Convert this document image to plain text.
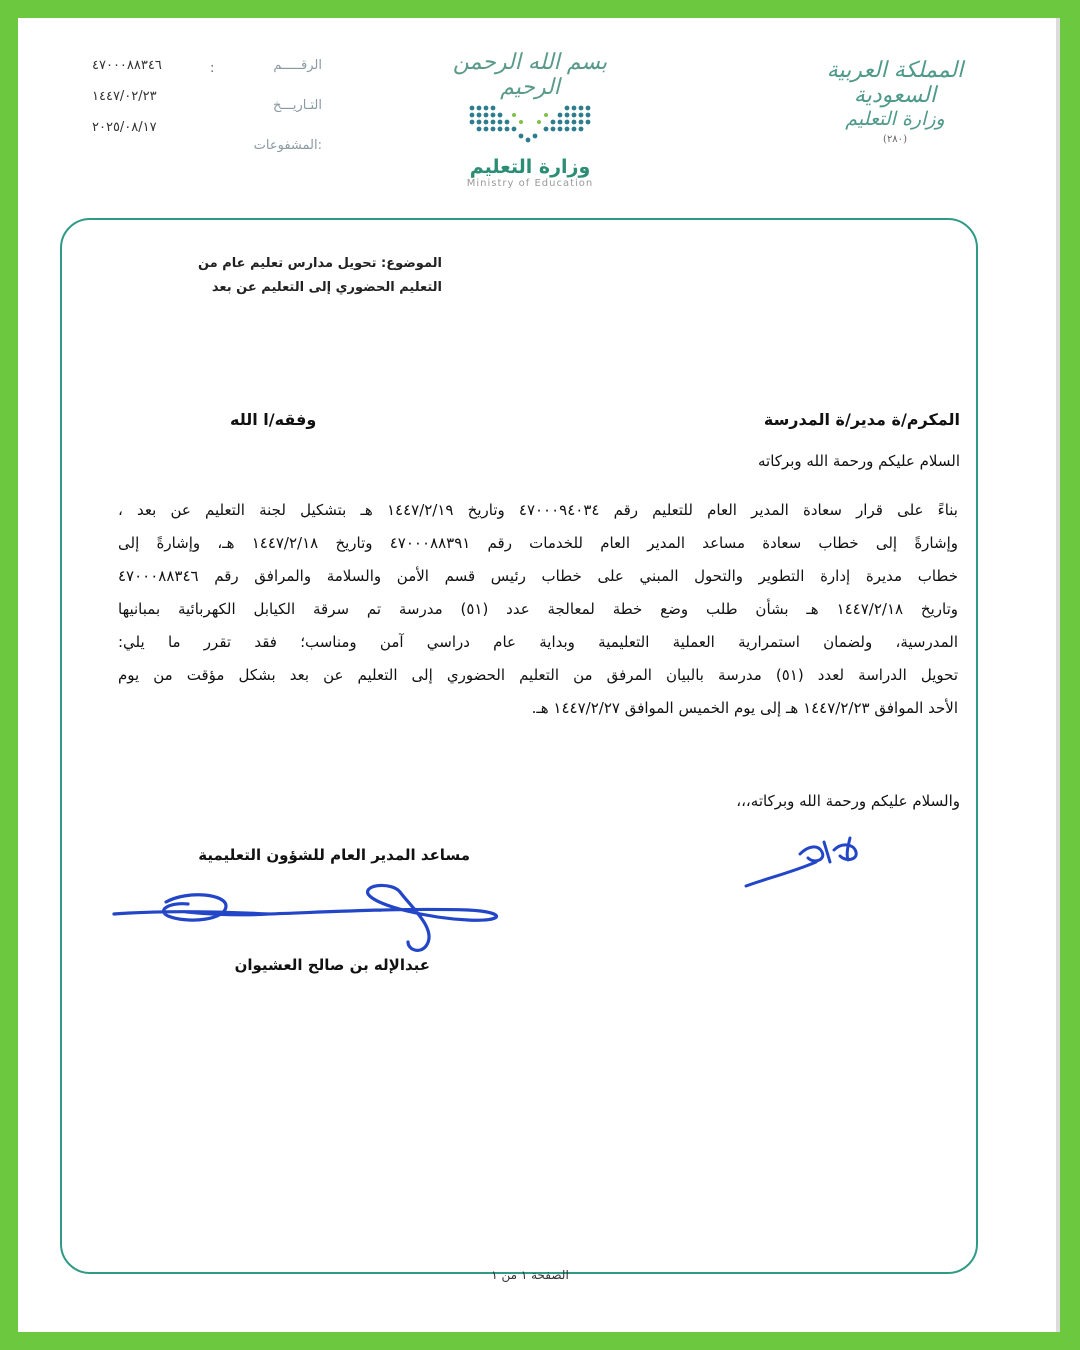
الرقـــــم
التـاريـــخ
المشفوعات:
:
٤٧٠٠٠٨٨٣٤٦
١٤٤٧/٠٢/٢٣
٢٠٢٥/٠٨/١٧
بسم الله الرحمن الرحيم
وزارة التعليم
Ministry of Education
المملكة العربية السعودية
وزارة التعليم
(٢٨٠)
الموضوع: تحويل مدارس تعليم عام من
التعليم الحضوري إلى التعليم عن بعد
المكرم/ة مدير/ة المدرسة
وفقه/ا الله
السلام عليكم ورحمة الله وبركاته
بناءً على قرار سعادة المدير العام للتعليم رقم ٤٧٠٠٠٩٤٠٣٤ وتاريخ ١٤٤٧/٢/١٩ هـ بتشكيل لجنة التعليم عن بعد ،
وإشارةً إلى خطاب سعادة مساعد المدير العام للخدمات رقم ٤٧٠٠٠٨٨٣٩١ وتاريخ ١٤٤٧/٢/١٨ هـ، وإشارةً إلى
خطاب مديرة إدارة التطوير والتحول المبني على خطاب رئيس قسم الأمن والسلامة والمرافق رقم ٤٧٠٠٠٨٨٣٤٦
وتاريخ ١٤٤٧/٢/١٨ هـ بشأن طلب وضع خطة لمعالجة عدد (٥١) مدرسة تم سرقة الكيابل الكهربائية بمبانيها
المدرسية، ولضمان استمرارية العملية التعليمية وبداية عام دراسي آمن ومناسب؛ فقد تقرر ما يلي:
تحويل الدراسة لعدد (٥١) مدرسة بالبيان المرفق من التعليم الحضوري إلى التعليم عن بعد بشكل مؤقت من يوم
الأحد الموافق ١٤٤٧/٢/٢٣ هـ إلى يوم الخميس الموافق ١٤٤٧/٢/٢٧ هـ.
والسلام عليكم ورحمة الله وبركاته،،،
مساعد المدير العام للشؤون التعليمية
عبدالإله بن صالح العشيوان
الصفحة ١ من ١
